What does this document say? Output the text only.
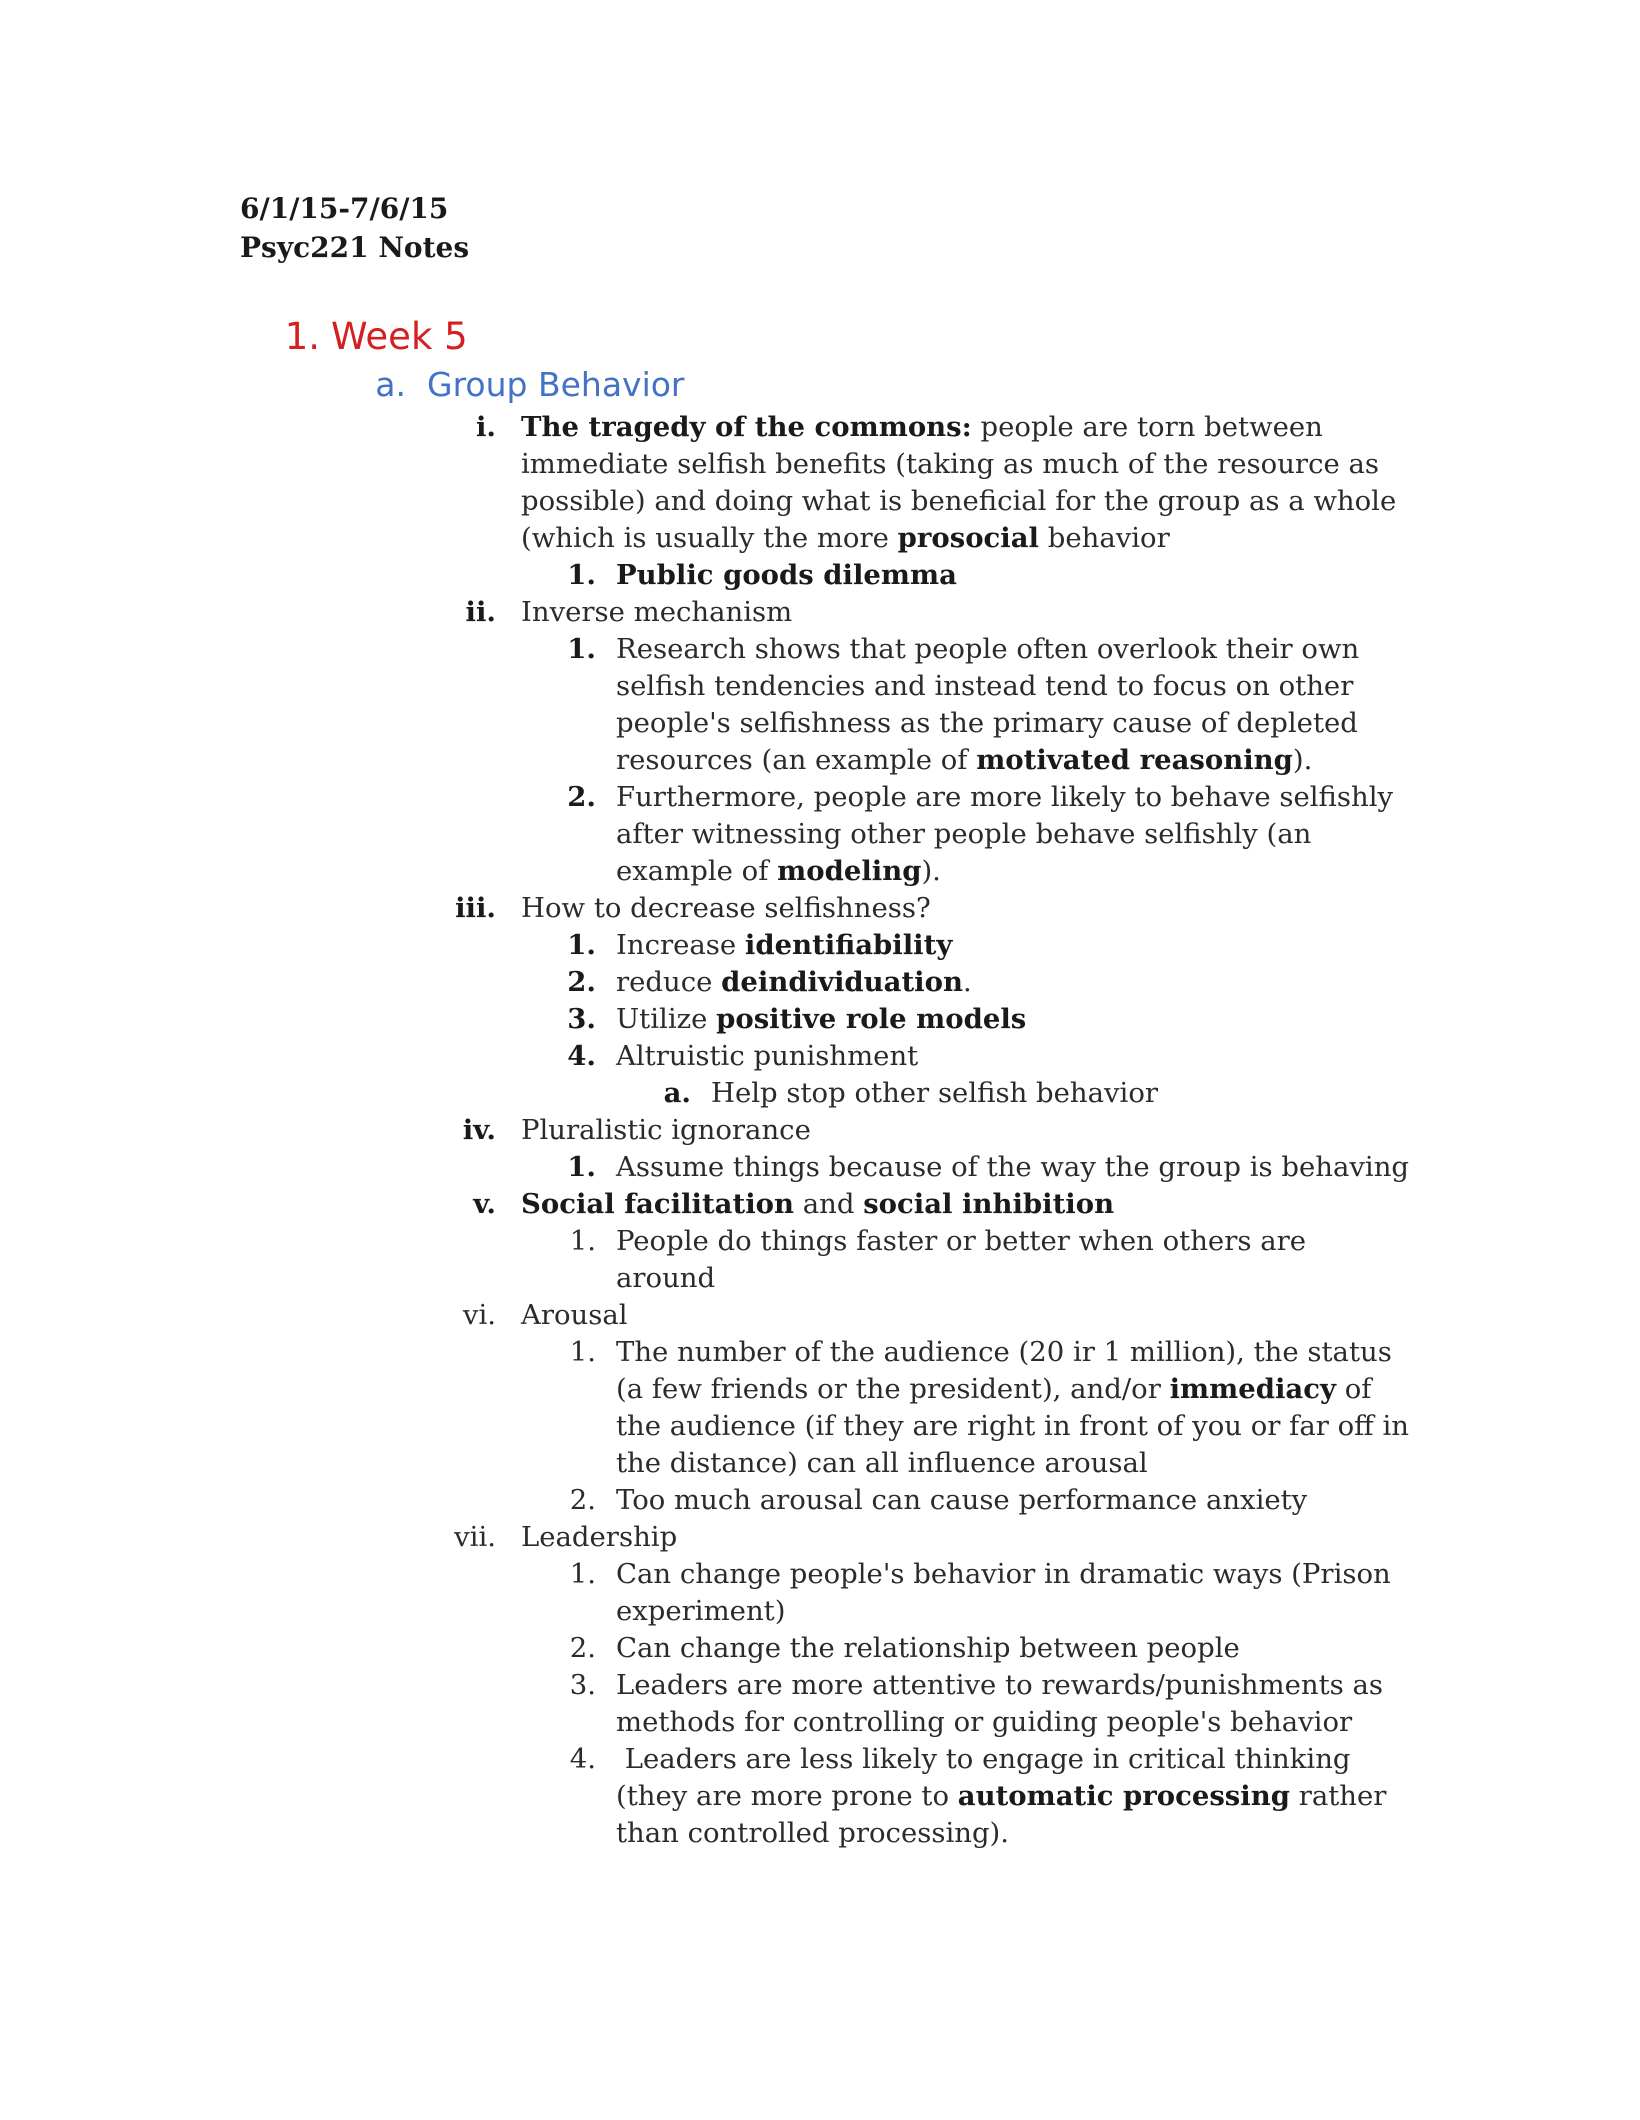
6/1/15-7/6/15

Psyc221 Notes

1. Week 5

a. Group Behavior

i. The tragedy of the commons: people are torn between

immediate selfish benefits (taking as much of the resource as

possible) and doing what is beneficial for the group as a whole

(which is usually the more prosocial behavior

1. Public goods dilemma

ii. Inverse mechanism

1. Research shows that people often overlook their own

selfish tendencies and instead tend to focus on other

people's selfishness as the primary cause of depleted

resources (an example of motivated reasoning).

2. Furthermore, people are more likely to behave selfishly

after witnessing other people behave selfishly (an

example of modeling).

iii. How to decrease selfishness?

1. Increase identifiability

2. reduce deindividuation.

3. Utilize positive role models

4. Altruistic punishment

a. Help stop other selfish behavior

iv. Pluralistic ignorance

1. Assume things because of the way the group is behaving

v. Social facilitation and social inhibition

1. People do things faster or better when others are

around

vi. Arousal

1. The number of the audience (20 ir 1 million), the status

(a few friends or the president), and/or immediacy of

the audience (if they are right in front of you or far off in

the distance) can all influence arousal

2. Too much arousal can cause performance anxiety

vii. Leadership

1. Can change people's behavior in dramatic ways (Prison

experiment)

2. Can change the relationship between people

3. Leaders are more attentive to rewards/punishments as

methods for controlling or guiding people's behavior

4. Leaders are less likely to engage in critical thinking

(they are more prone to automatic processing rather

than controlled processing).
